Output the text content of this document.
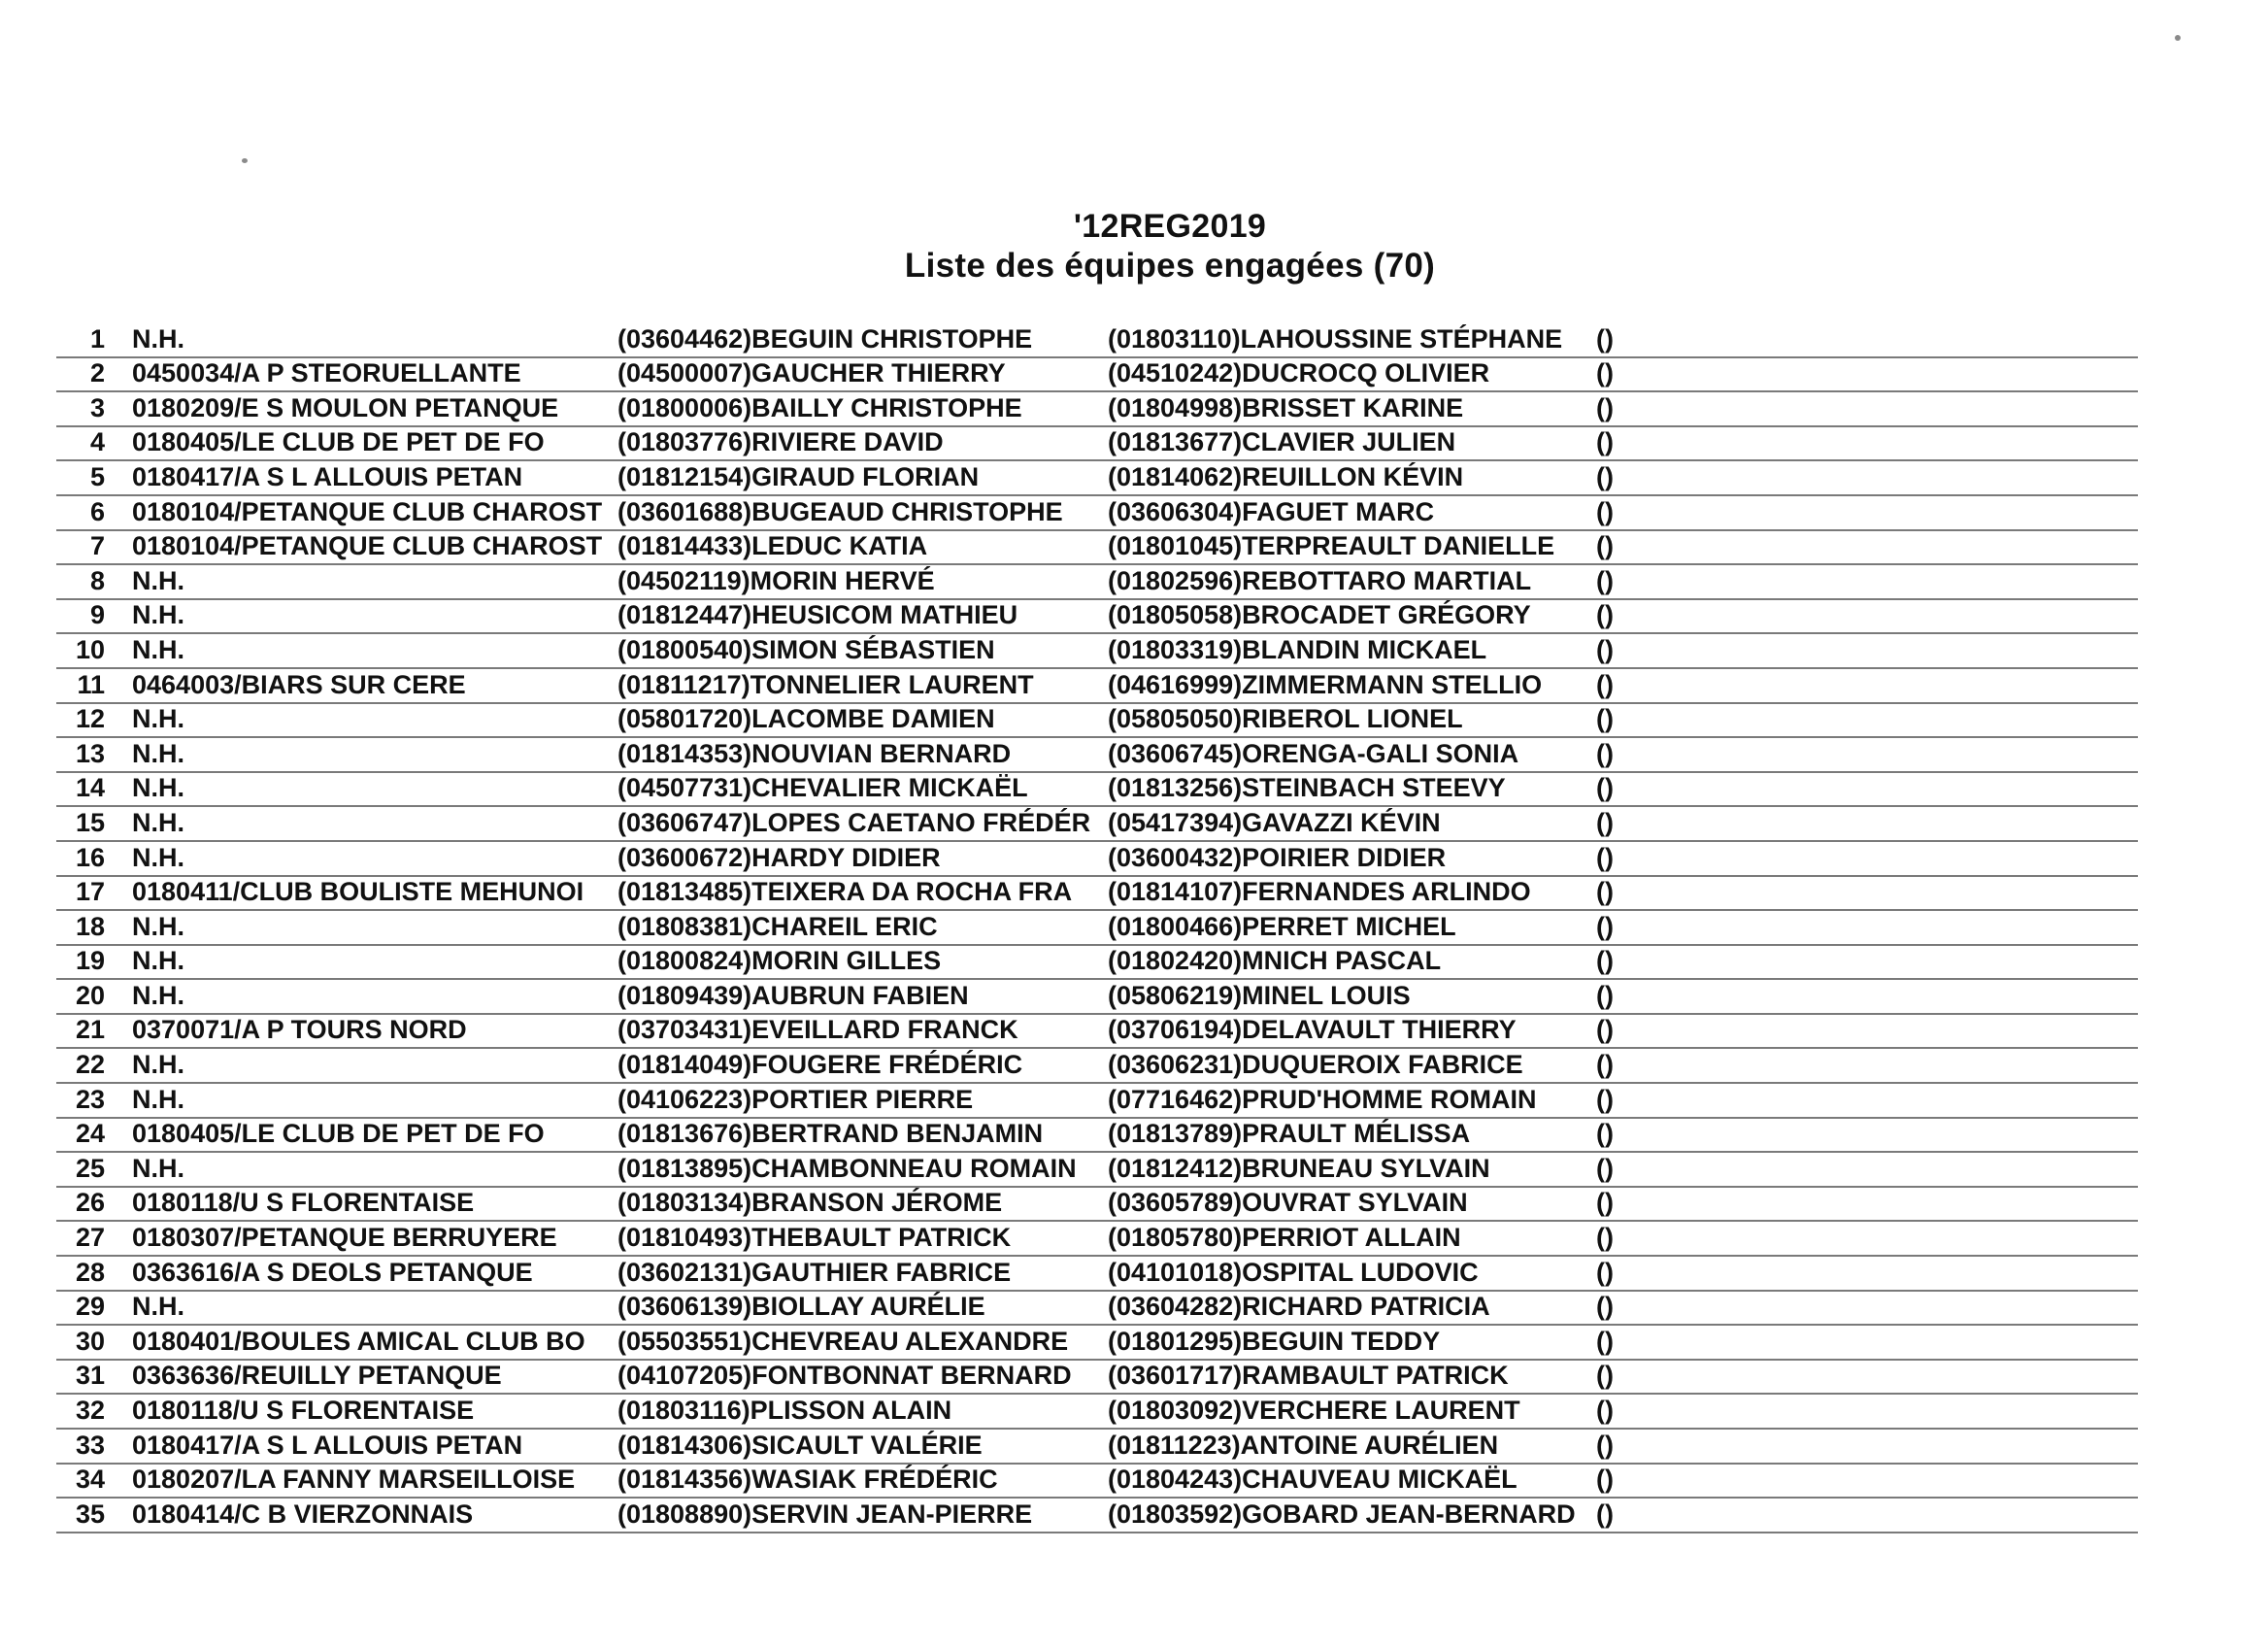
'12REG2019
Liste des équipes engagées (70)
1 N.H.	(03604462)BEGUIN CHRISTOPHE	(01803110)LAHOUSSINE STÉPHANE	()
2 0450034/A P STEORUELLANTE	(04500007)GAUCHER THIERRY	(04510242)DUCROCQ OLIVIER	()
3 0180209/E S MOULON PETANQUE	(01800006)BAILLY CHRISTOPHE	(01804998)BRISSET KARINE	()
4 0180405/LE CLUB DE PET DE FO	(01803776)RIVIERE DAVID	(01813677)CLAVIER JULIEN	()
5 0180417/A S L ALLOUIS PETAN	(01812154)GIRAUD FLORIAN	(01814062)REUILLON KÉVIN	()
6 0180104/PETANQUE CLUB CHAROST (03601688)BUGEAUD CHRISTOPHE	(03606304)FAGUET MARC	()
7 0180104/PETANQUE CLUB CHAROST (01814433)LEDUC KATIA	(01801045)TERPREAULT DANIELLE	()
8 N.H.	(04502119)MORIN HERVÉ	(01802596)REBOTTARO MARTIAL	()
9 N.H.	(01812447)HEUSICOM MATHIEU	(01805058)BROCADET GRÉGORY	()
10 N.H.	(01800540)SIMON SÉBASTIEN	(01803319)BLANDIN MICKAEL	()
11 0464003/BIARS SUR CERE	(01811217)TONNELIER LAURENT	(04616999)ZIMMERMANN STELLIO	()
12 N.H.	(05801720)LACOMBE DAMIEN	(05805050)RIBEROL LIONEL	()
13 N.H.	(01814353)NOUVIAN BERNARD	(03606745)ORENGA-GALI SONIA	()
14 N.H.	(04507731)CHEVALIER MICKAËL	(01813256)STEINBACH STEEVY	()
15 N.H.	(03606747)LOPES CAETANO FRÉDÉR (05417394)GAVAZZI KÉVIN	()
16 N.H.	(03600672)HARDY DIDIER	(03600432)POIRIER DIDIER	()
17 0180411/CLUB BOULISTE MEHUNOI	(01813485)TEIXERA DA ROCHA FRA	(01814107)FERNANDES ARLINDO	()
18 N.H.	(01808381)CHAREIL ERIC	(01800466)PERRET MICHEL	()
19 N.H.	(01800824)MORIN GILLES	(01802420)MNICH PASCAL	()
20 N.H.	(01809439)AUBRUN FABIEN	(05806219)MINEL LOUIS	()
21 0370071/A P TOURS NORD	(03703431)EVEILLARD FRANCK	(03706194)DELAVAULT THIERRY	()
22 N.H.	(01814049)FOUGERE FRÉDÉRIC	(03606231)DUQUEROIX FABRICE	()
23 N.H.	(04106223)PORTIER PIERRE	(07716462)PRUD'HOMME ROMAIN	()
24 0180405/LE CLUB DE PET DE FO	(01813676)BERTRAND BENJAMIN	(01813789)PRAULT MÉLISSA	()
25 N.H.	(01813895)CHAMBONNEAU ROMAIN	(01812412)BRUNEAU SYLVAIN	()
26 0180118/U S FLORENTAISE	(01803134)BRANSON JÉROME	(03605789)OUVRAT SYLVAIN	()
27 0180307/PETANQUE BERRUYERE	(01810493)THEBAULT PATRICK	(01805780)PERRIOT ALLAIN	()
28 0363616/A S DEOLS PETANQUE	(03602131)GAUTHIER FABRICE	(04101018)OSPITAL LUDOVIC	()
29 N.H.	(03606139)BIOLLAY AURÉLIE	(03604282)RICHARD PATRICIA	()
30 0180401/BOULES AMICAL CLUB BO	(05503551)CHEVREAU ALEXANDRE	(01801295)BEGUIN TEDDY	()
31 0363636/REUILLY PETANQUE	(04107205)FONTBONNAT BERNARD	(03601717)RAMBAULT PATRICK	()
32 0180118/U S FLORENTAISE	(01803116)PLISSON ALAIN	(01803092)VERCHERE LAURENT	()
33 0180417/A S L ALLOUIS PETAN	(01814306)SICAULT VALÉRIE	(01811223)ANTOINE AURÉLIEN	()
34 0180207/LA FANNY MARSEILLOISE	(01814356)WASIAK FRÉDÉRIC	(01804243)CHAUVEAU MICKAËL	()
35 0180414/C B VIERZONNAIS	(01808890)SERVIN JEAN-PIERRE	(01803592)GOBARD JEAN-BERNARD ()
